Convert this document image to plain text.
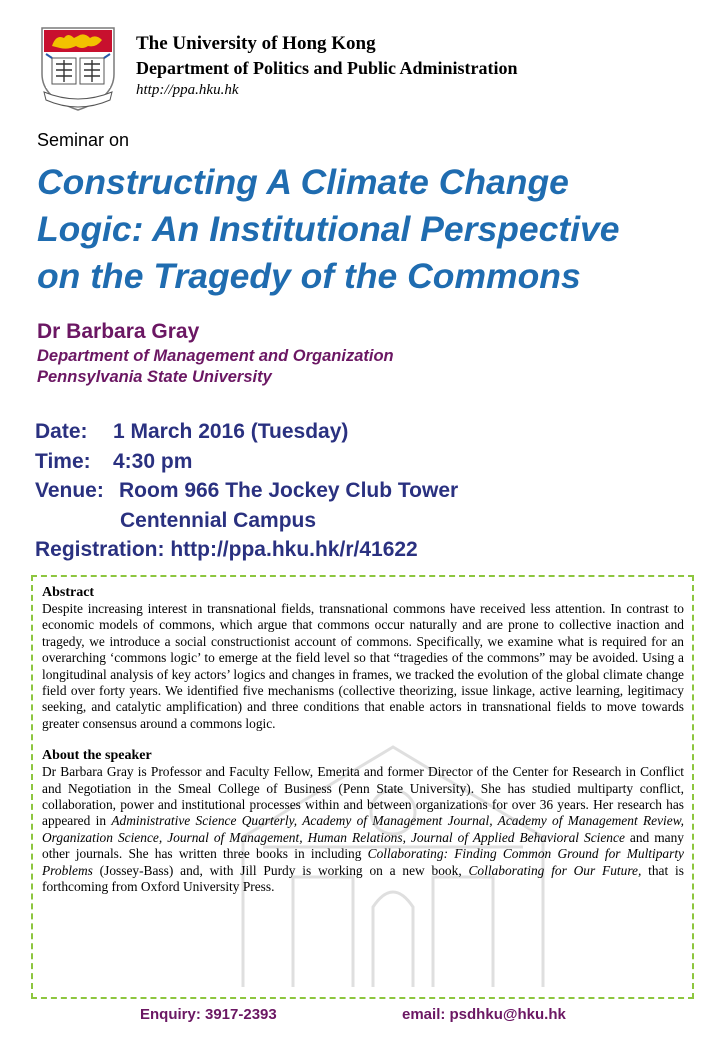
The University of Hong Kong
Department of Politics and Public Administration
http://ppa.hku.hk
Seminar on
Constructing A Climate Change
Logic: An Institutional Perspective
on the Tragedy of the Commons
Dr Barbara Gray
Department of Management and Organization
Pennsylvania State University
Date: 1 March 2016 (Tuesday)
Time: 4:30 pm
Venue: Room 966 The Jockey Club Tower
Centennial Campus
Registration: http://ppa.hku.hk/r/41622
Abstract
Despite increasing interest in transnational fields, transnational commons have received less attention. In contrast to economic models of commons, which argue that commons occur naturally and are prone to collective inaction and tragedy, we introduce a social constructionist account of commons. Specifically, we examine what is required for an overarching ‘commons logic’ to emerge at the field level so that “tragedies of the commons” may be avoided. Using a longitudinal analysis of key actors’ logics and changes in frames, we tracked the evolution of the global climate change field over forty years. We identified five mechanisms (collective theorizing, issue linkage, active learning, legitimacy seeking, and catalytic amplification) and three conditions that enable actors in transnational fields to move towards greater consensus around a commons logic.
About the speaker
Dr Barbara Gray is Professor and Faculty Fellow, Emerita and former Director of the Center for Research in Conflict and Negotiation in the Smeal College of Business (Penn State University). She has studied multiparty conflict, collaboration, power and institutional processes within and between organizations for over 36 years. Her research has appeared in Administrative Science Quarterly, Academy of Management Journal, Academy of Management Review, Organization Science, Journal of Management, Human Relations, Journal of Applied Behavioral Science and many other journals. She has written three books in including Collaborating: Finding Common Ground for Multiparty Problems (Jossey-Bass) and, with Jill Purdy is working on a new book, Collaborating for Our Future, that is forthcoming from Oxford University Press.
Enquiry: 3917-2393	email: psdhku@hku.hk
